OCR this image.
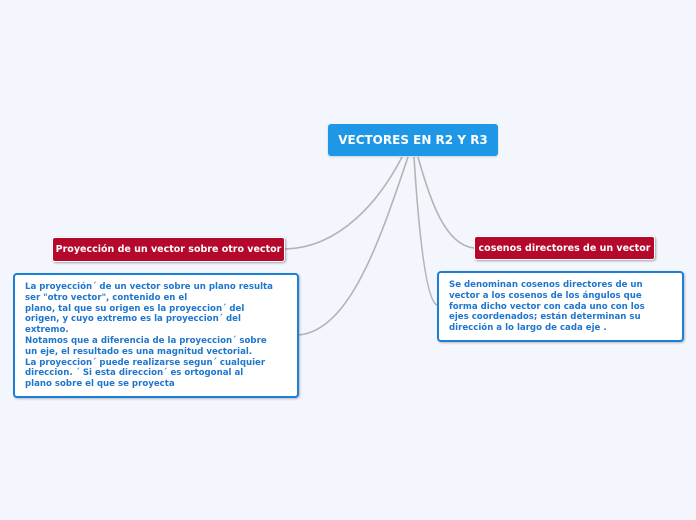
VECTORES EN R2 Y R3
Proyección de un vector sobre otro vector	cosenos directores de un vector
La proyección´ de un vector sobre un plano resulta
ser "otro vector", contenido en el
plano, tal que su origen es la proyeccion´ del
origen, y cuyo extremo es la proyeccion´ del
extremo.
Notamos que a diferencia de la proyeccion´ sobre
un eje, el resultado es una magnitud vectorial.
La proyeccion´ puede realizarse segun´ cualquier
direccion. ´ Si esta direccion´ es ortogonal al
plano sobre el que se proyecta
Se denominan cosenos directores de un
vector a los cosenos de los ángulos que
forma dicho vector con cada uno con los
ejes coordenados; están determinan su
dirección a lo largo de cada eje .
